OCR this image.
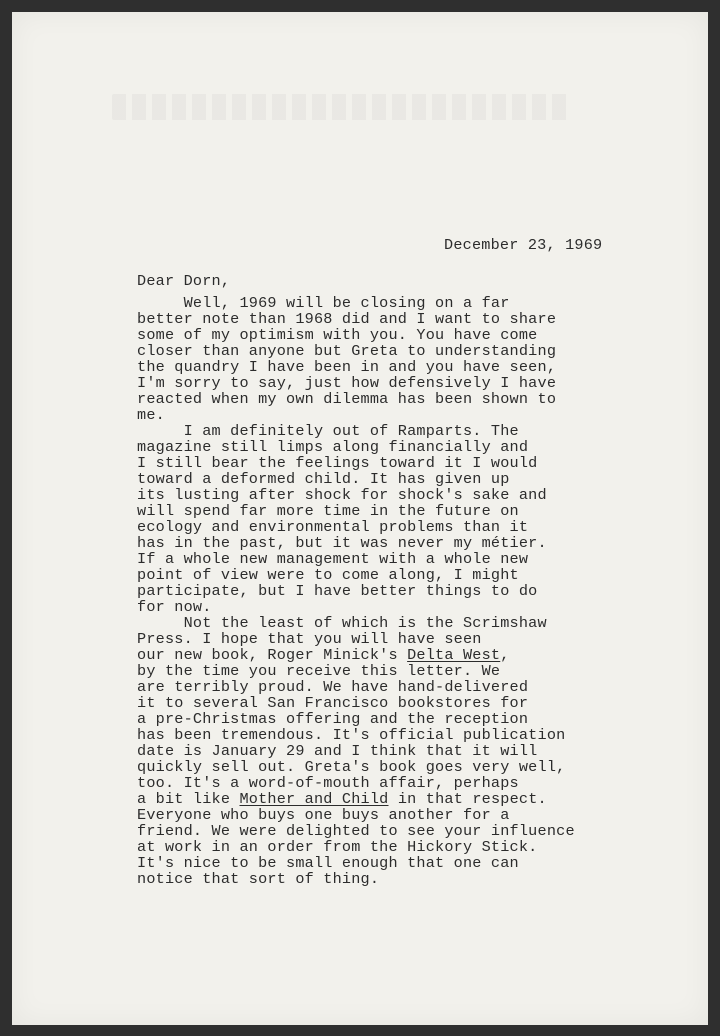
December 23, 1969
Dear Dorn,
Well, 1969 will be closing on a far
better note than 1968 did and I want to share
some of my optimism with you. You have come
closer than anyone but Greta to understanding
the quandry I have been in and you have seen,
I'm sorry to say, just how defensively I have
reacted when my own dilemma has been shown to
me.
I am definitely out of Ramparts. The
magazine still limps along financially and
I still bear the feelings toward it I would
toward a deformed child. It has given up
its lusting after shock for shock's sake and
will spend far more time in the future on
ecology and environmental problems than it
has in the past, but it was never my métier.
If a whole new management with a whole new
point of view were to come along, I might
participate, but I have better things to do
for now.
Not the least of which is the Scrimshaw
Press. I hope that you will have seen
our new book, Roger Minick's Delta West,
by the time you receive this letter. We
are terribly proud. We have hand-delivered
it to several San Francisco bookstores for
a pre-Christmas offering and the reception
has been tremendous. It's official publication
date is January 29 and I think that it will
quickly sell out. Greta's book goes very well,
too. It's a word-of-mouth affair, perhaps
a bit like Mother and Child in that respect.
Everyone who buys one buys another for a
friend. We were delighted to see your influence
at work in an order from the Hickory Stick.
It's nice to be small enough that one can
notice that sort of thing.
